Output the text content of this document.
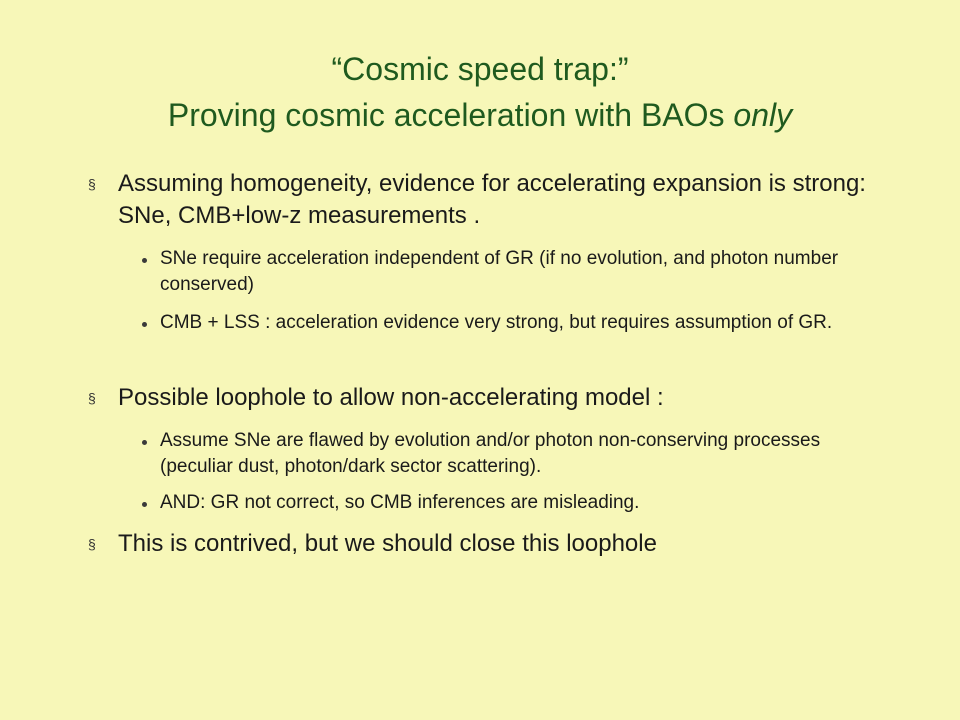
“Cosmic speed trap:”
Proving cosmic acceleration with BAOs only
§ Assuming homogeneity, evidence for accelerating expansion is strong: SNe, CMB+low-z measurements .
SNe require acceleration independent of GR (if no evolution, and photon number conserved)
CMB + LSS : acceleration evidence very strong, but requires assumption of GR.
§ Possible loophole to allow non-accelerating model :
Assume SNe are flawed by evolution and/or photon non-conserving processes (peculiar dust, photon/dark sector scattering).
AND: GR not correct, so CMB inferences are misleading.
§ This is contrived, but we should close this loophole
